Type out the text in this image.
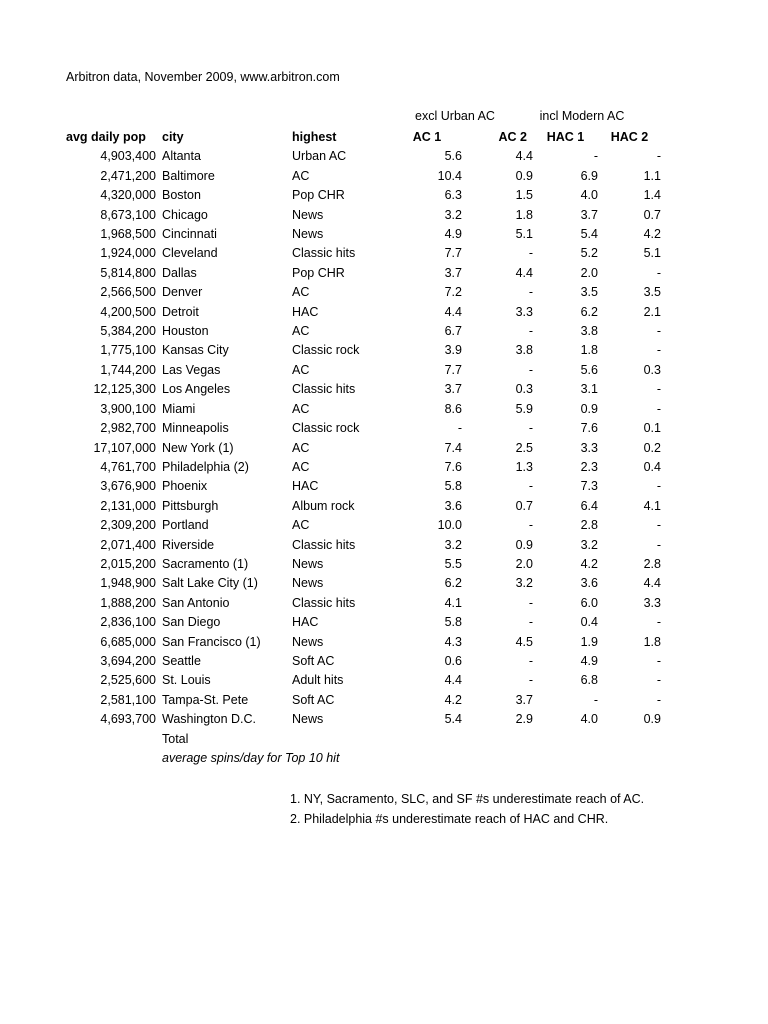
Arbitron data, November 2009, www.arbitron.com
excl Urban AC	incl Modern AC
avg daily pop	city	highest	AC 1	AC 2	HAC 1	HAC 2
4,903,400	Altanta	Urban AC	5.6	4.4	-	-
2,471,200	Baltimore	AC	10.4	0.9	6.9	1.1
4,320,000	Boston	Pop CHR	6.3	1.5	4.0	1.4
8,673,100	Chicago	News	3.2	1.8	3.7	0.7
1,968,500	Cincinnati	News	4.9	5.1	5.4	4.2
1,924,000	Cleveland	Classic hits	7.7	-	5.2	5.1
5,814,800	Dallas	Pop CHR	3.7	4.4	2.0	-
2,566,500	Denver	AC	7.2	-	3.5	3.5
4,200,500	Detroit	HAC	4.4	3.3	6.2	2.1
5,384,200	Houston	AC	6.7	-	3.8	-
1,775,100	Kansas City	Classic rock	3.9	3.8	1.8	-
1,744,200	Las Vegas	AC	7.7	-	5.6	0.3
12,125,300	Los Angeles	Classic hits	3.7	0.3	3.1	-
3,900,100	Miami	AC	8.6	5.9	0.9	-
2,982,700	Minneapolis	Classic rock	-	-	7.6	0.1
17,107,000	New York (1)	AC	7.4	2.5	3.3	0.2
4,761,700	Philadelphia (2)	AC	7.6	1.3	2.3	0.4
3,676,900	Phoenix	HAC	5.8	-	7.3	-
2,131,000	Pittsburgh	Album rock	3.6	0.7	6.4	4.1
2,309,200	Portland	AC	10.0	-	2.8	-
2,071,400	Riverside	Classic hits	3.2	0.9	3.2	-
2,015,200	Sacramento (1)	News	5.5	2.0	4.2	2.8
1,948,900	Salt Lake City (1)	News	6.2	3.2	3.6	4.4
1,888,200	San Antonio	Classic hits	4.1	-	6.0	3.3
2,836,100	San Diego	HAC	5.8	-	0.4	-
6,685,000	San Francisco (1)	News	4.3	4.5	1.9	1.8
3,694,200	Seattle	Soft AC	0.6	-	4.9	-
2,525,600	St. Louis	Adult hits	4.4	-	6.8	-
2,581,100	Tampa-St. Pete	Soft AC	4.2	3.7	-	-
4,693,700	Washington D.C.	News	5.4	2.9	4.0	0.9
	Total					
	average spins/day for Top 10 hit					
1. NY, Sacramento, SLC, and SF #s underestimate reach of AC.
2. Philadelphia #s underestimate reach of HAC and CHR.
